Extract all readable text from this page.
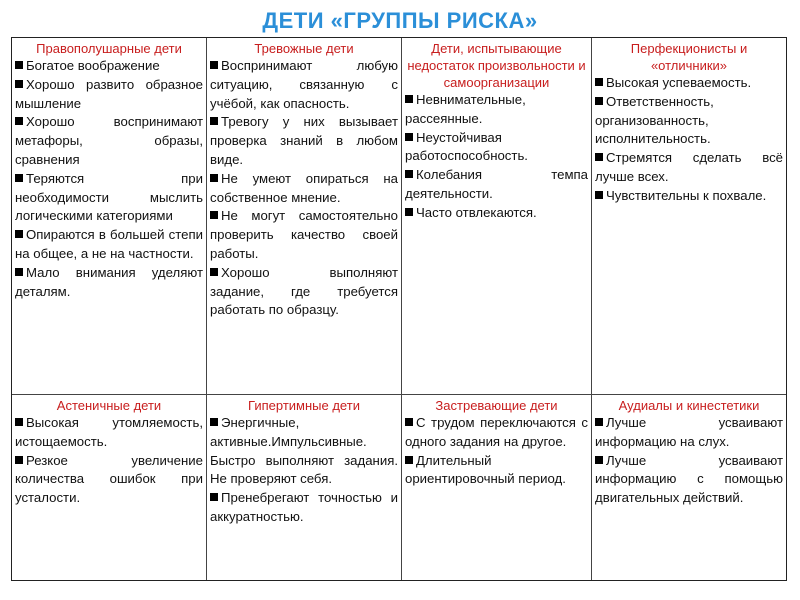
ДЕТИ «ГРУППЫ РИСКА»
Правополушарные дети
Богатое воображение
Хорошо развито образное мышление
Хорошо воспринимают метафоры, образы, сравнения
Теряются при необходимости мыслить логическими категориями
Опираются в большей степи на общее, а не на частности.
Мало внимания уделяют деталям.
Тревожные дети
Воспринимают любую ситуацию, связанную с учёбой, как опасность.
Тревогу у них вызывает проверка знаний в любом виде.
Не умеют опираться на собственное мнение.
Не могут самостоятельно проверить качество своей работы.
Хорошо выполняют задание, где требуется работать по образцу.
Дети, испытывающие недостаток произвольности и самоорганизации
Невнимательные, рассеянные.
Неустойчивая работоспособность.
Колебания темпа деятельности.
Часто отвлекаются.
Перфекционисты и «отличники»
Высокая успеваемость.
Ответственность, организованность, исполнительность.
Стремятся сделать всё лучше всех.
Чувствительны к похвале.
Астеничные дети
Высокая утомляемость, истощаемость.
Резкое увеличение количества ошибок при усталости.
Гипертимные дети
Энергичные, активные.Импульсивные. Быстро выполняют задания. Не проверяют себя.
Пренебрегают точностью и аккуратностью.
Застревающие дети
С трудом переключаются с одного задания на другое.
Длительный ориентировочный период.
Аудиалы и кинестетики
Лучше усваивают информацию на слух.
Лучше усваивают информацию с помощью двигательных действий.
